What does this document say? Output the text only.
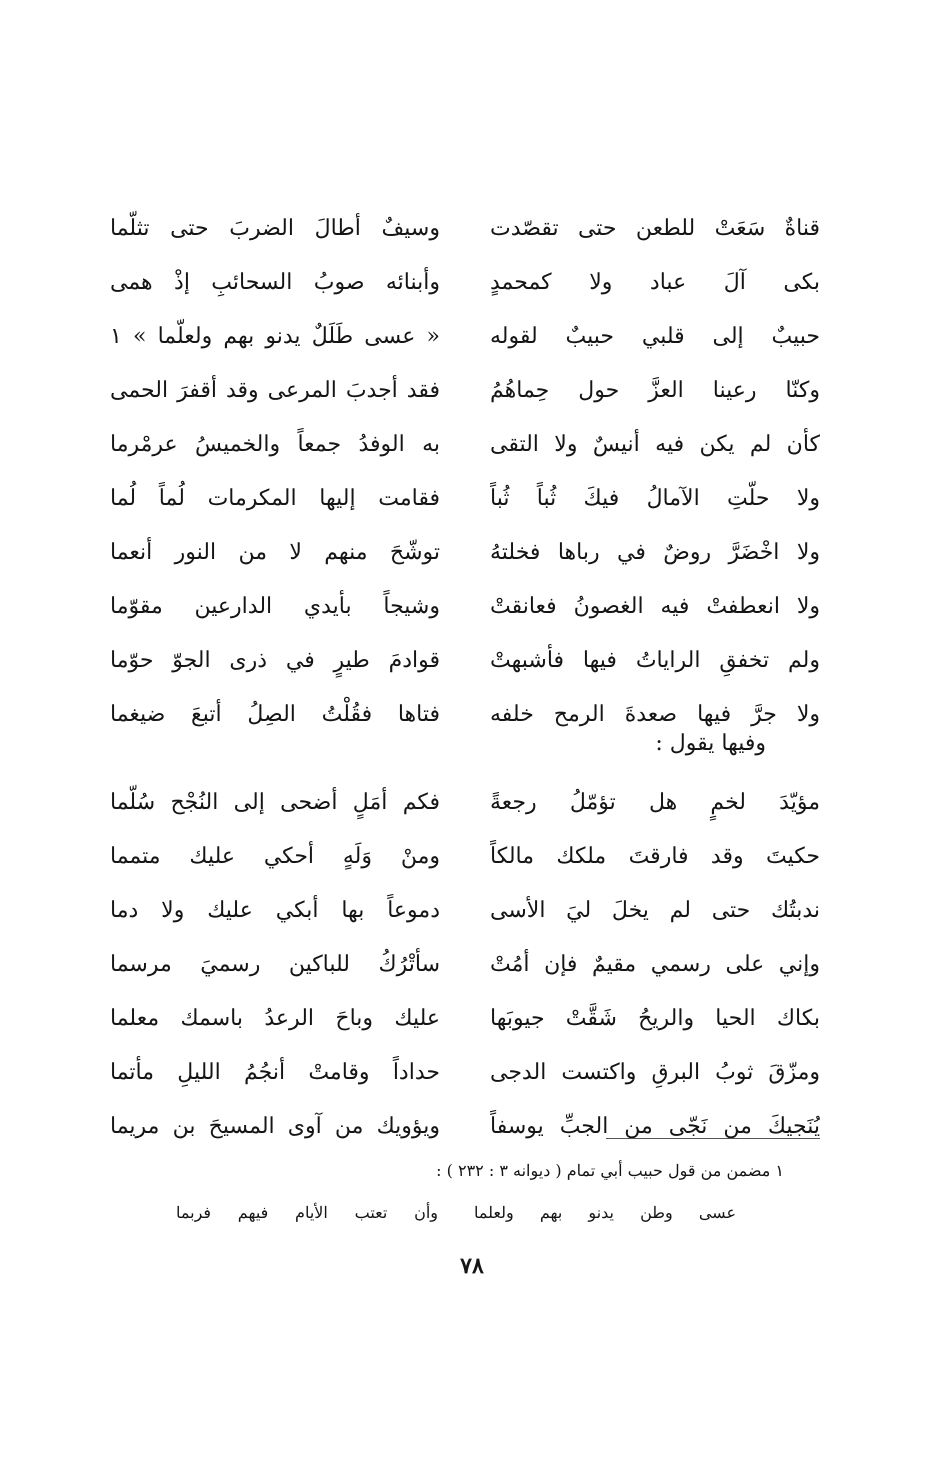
قناةٌ سَعَتْ للطعن حتى تقصّدت
وسيفٌ أطالَ الضربَ حتى تثلّما
بكى آلَ عباد ولا كمحمدٍ
وأبنائه صوبُ السحائبِ إذْ همى
حبيبٌ إلى قلبي حبيبٌ لقوله
« عسى طَلَلٌ يدنو بهم ولعلّما » ١
وكنّا رعينا العزَّ حول حِماهُمُ
فقد أجدبَ المرعى وقد أقفرَ الحمى
كأن لم يكن فيه أنيسٌ ولا التقى
به الوفدُ جمعاً والخميسُ عرمْرما
ولا حلّتِ الآمالُ فيكَ ثُباً ثُباً
فقامت إليها المكرمات لُماً لُما
ولا اخْضَرَّ روضٌ في رباها فخلتهُ
توشّحَ منهم لا من النور أنعما
ولا انعطفتْ فيه الغصونُ فعانقتْ
وشيجاً بأيدي الدارعين مقوّما
ولم تخفقِ الراياتُ فيها فأشبهتْ
قوادمَ طيرٍ في ذرى الجوّ حوّما
ولا جرَّ فيها صعدةَ الرمح خلفه
فتاها فقُلْتُ الصِلُ أتبعَ ضيغما
وفيها يقول :
مؤيّدَ لخمٍ هل تؤمّلُ رجعةً
فكم أمَلٍ أضحى إلى النُجْح سُلّما
حكيتَ وقد فارقتَ ملكك مالكاً
ومنْ وَلَهٍ أحكي عليك متمما
ندبتُك حتى لم يخلَ ليَ الأسى
دموعاً بها أبكي عليك ولا دما
وإني على رسمي مقيمٌ فإن أمُتْ
سأتْرُكُ للباكين رسميَ مرسما
بكاك الحيا والريحُ شَقَّتْ جيوبَها
عليك وباحَ الرعدُ باسمك معلما
ومزّقَ ثوبُ البرقِ واكتست الدجى
حداداً وقامتْ أنجُمُ الليلِ مأتما
يُنَجيكَ من نَجّى من الجبِّ يوسفاً
ويؤويك من آوى المسيحَ بن مريما
١ مضمن من قول حبيب أبي تمام ( ديوانه ٣ : ٢٣٢ ) :
عسى وطن يدنو بهم ولعلما
وأن تعتب الأيام فيهم فربما
٧٨
